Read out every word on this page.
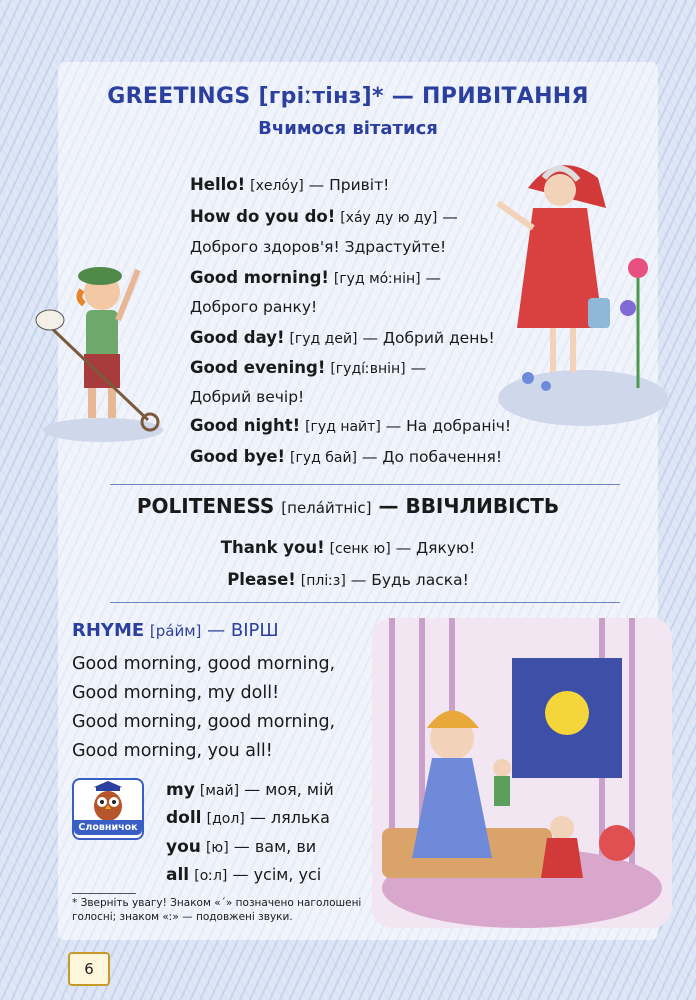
GREETINGS [гріːтінз]* — ПРИВІТАННЯ
Вчимося вітатися
Hello! [хелóу] — Привіт!
How do you do! [хáу ду ю ду] —
Доброго здоров'я! Здрастуйте!
Good morning! [гуд мóːнін] —
Доброго ранку!
Good day! [гуд дей] — Добрий день!
Good evening! [гудíːвнін] —
Добрий вечір!
Good night! [гуд найт] — На добраніч!
Good bye! [гуд бай] — До побачення!
POLITENESS [пелáйтніс] — ВВІЧЛИВІСТЬ
Thank you! [сенк ю] — Дякую!
Please! [пліːз] — Будь ласка!
RHYME [рáйм] — ВІРШ
Good morning, good morning,
Good morning, my doll!
Good morning, good morning,
Good morning, you all!
Словничок
my [май] — моя, мій
doll [дол] — лялька
you [ю] — вам, ви
all [оːл] — усім, усі
* Зверніть увагу! Знаком «´» позначено наголошені голосні; знаком «ː» — подовжені звуки.
6
